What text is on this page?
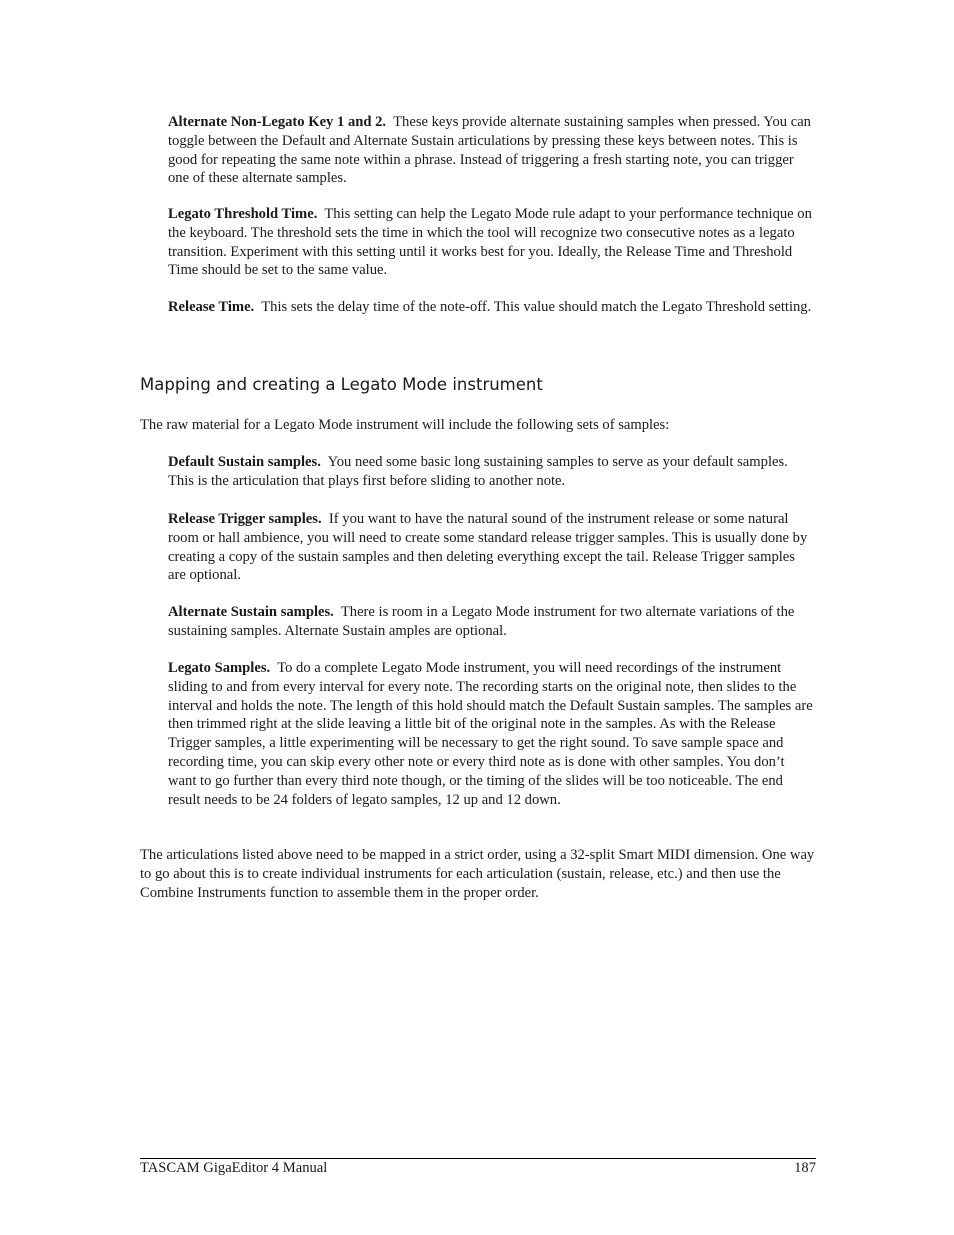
Alternate Non-Legato Key 1 and 2. These keys provide alternate sustaining samples when pressed. You can toggle between the Default and Alternate Sustain articulations by pressing these keys between notes. This is good for repeating the same note within a phrase. Instead of triggering a fresh starting note, you can trigger one of these alternate samples.

Legato Threshold Time. This setting can help the Legato Mode rule adapt to your performance technique on the keyboard. The threshold sets the time in which the tool will recognize two consecutive notes as a legato transition. Experiment with this setting until it works best for you. Ideally, the Release Time and Threshold Time should be set to the same value.

Release Time. This sets the delay time of the note-off. This value should match the Legato Threshold setting.

Mapping and creating a Legato Mode instrument

The raw material for a Legato Mode instrument will include the following sets of samples:

Default Sustain samples. You need some basic long sustaining samples to serve as your default samples. This is the articulation that plays first before sliding to another note.

Release Trigger samples. If you want to have the natural sound of the instrument release or some natural room or hall ambience, you will need to create some standard release trigger samples. This is usually done by creating a copy of the sustain samples and then deleting everything except the tail. Release Trigger samples are optional.

Alternate Sustain samples. There is room in a Legato Mode instrument for two alternate variations of the sustaining samples. Alternate Sustain amples are optional.

Legato Samples. To do a complete Legato Mode instrument, you will need recordings of the instrument sliding to and from every interval for every note. The recording starts on the original note, then slides to the interval and holds the note. The length of this hold should match the Default Sustain samples. The samples are then trimmed right at the slide leaving a little bit of the original note in the samples. As with the Release Trigger samples, a little experimenting will be necessary to get the right sound. To save sample space and recording time, you can skip every other note or every third note as is done with other samples. You don’t want to go further than every third note though, or the timing of the slides will be too noticeable. The end result needs to be 24 folders of legato samples, 12 up and 12 down.

The articulations listed above need to be mapped in a strict order, using a 32-split Smart MIDI dimension. One way to go about this is to create individual instruments for each articulation (sustain, release, etc.) and then use the Combine Instruments function to assemble them in the proper order.

TASCAM GigaEditor 4 Manual	187
